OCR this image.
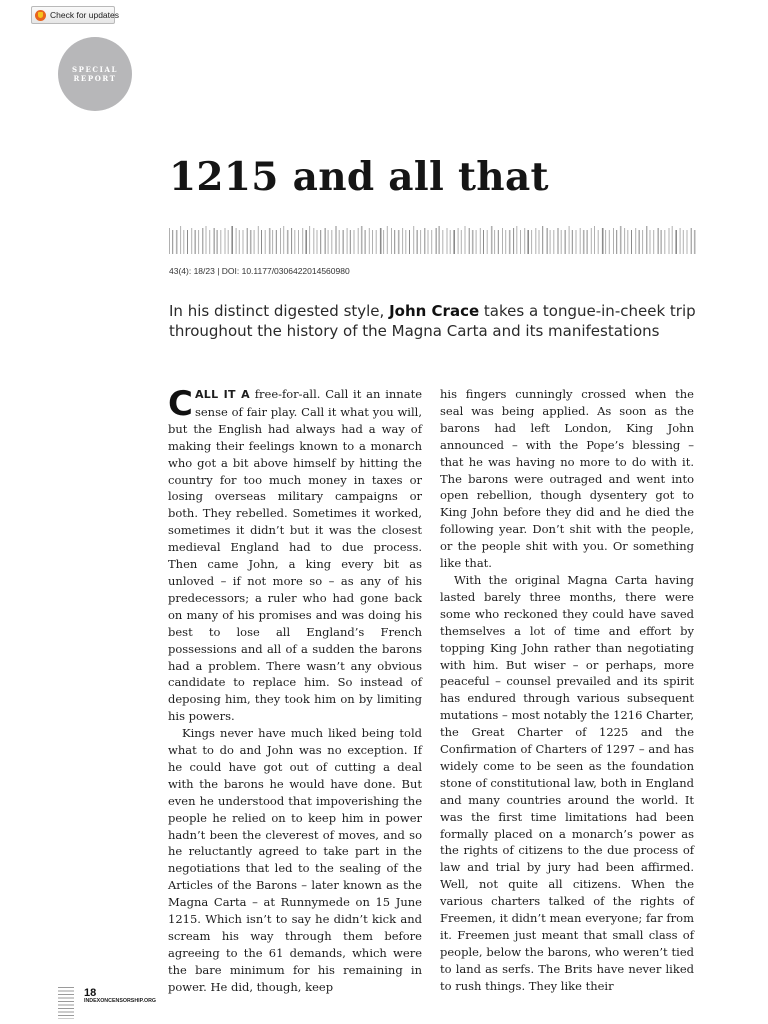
Check for updates
SPECIAL
REPORT
1215 and all that
43(4): 18/23 | DOI: 10.1177/0306422014560980

In his distinct digested style, John Crace takes a tongue-in-cheek trip throughout the history of the Magna Carta and its manifestations

CALL IT A free-for-all. Call it an innate sense of fair play. Call it what you will, but the English had always had a way of making their feelings known to a monarch who got a bit above himself by hitting the country for too much money in taxes or losing overseas military campaigns or both. They rebelled. Sometimes it worked, sometimes it didn’t but it was the closest medieval England had to due process. Then came John, a king every bit as unloved – if not more so – as any of his predecessors; a ruler who had gone back on many of his promises and was doing his best to lose all England’s French possessions and all of a sudden the barons had a problem. There wasn’t any obvious candidate to replace him. So instead of deposing him, they took him on by limiting his powers.

Kings never have much liked being told what to do and John was no exception. If he could have got out of cutting a deal with the barons he would have done. But even he understood that impoverishing the people he relied on to keep him in power hadn’t been the cleverest of moves, and so he reluctantly agreed to take part in the negotiations that led to the sealing of the Articles of the Barons – later known as the Magna Carta – at Runnymede on 15 June 1215. Which isn’t to say he didn’t kick and scream his way through them before agreeing to the 61 demands, which were the bare minimum for his remaining in power. He did, though, keep

his fingers cunningly crossed when the seal was being applied. As soon as the barons had left London, King John announced – with the Pope’s blessing – that he was having no more to do with it. The barons were outraged and went into open rebellion, though dysentery got to King John before they did and he died the following year. Don’t shit with the people, or the people shit with you. Or something like that.

With the original Magna Carta having lasted barely three months, there were some who reckoned they could have saved themselves a lot of time and effort by topping King John rather than negotiating with him. But wiser – or perhaps, more peaceful – counsel prevailed and its spirit has endured through various subsequent mutations – most notably the 1216 Charter, the Great Charter of 1225 and the Confirmation of Charters of 1297 – and has widely come to be seen as the foundation stone of constitutional law, both in England and many countries around the world. It was the first time limitations had been formally placed on a monarch’s power as the rights of citizens to the due process of law and trial by jury had been affirmed. Well, not quite all citizens. When the various charters talked of the rights of Freemen, it didn’t mean everyone; far from it. Freemen just meant that small class of people, below the barons, who weren’t tied to land as serfs. The Brits have never liked to rush things. They like their

18
INDEXONCENSORSHIP.ORG
